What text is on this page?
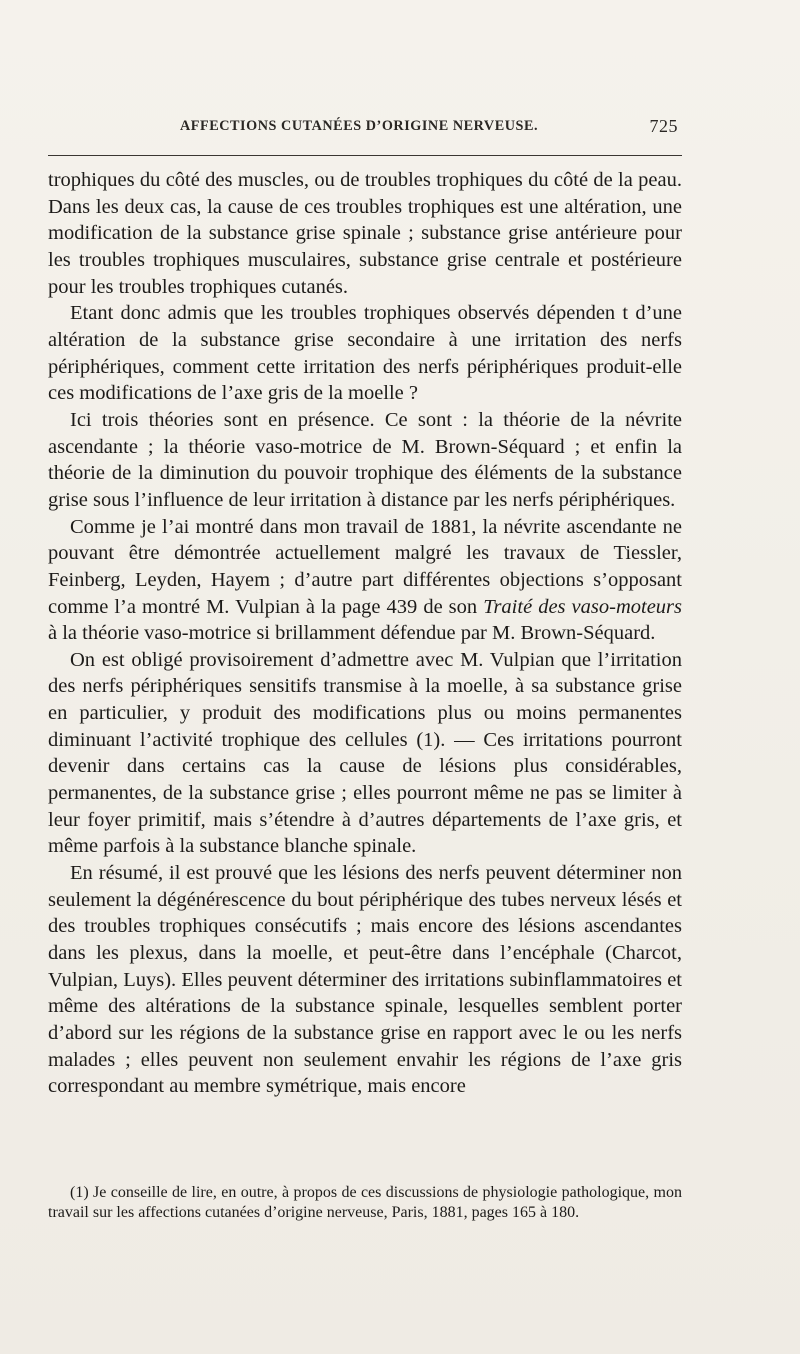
AFFECTIONS CUTANÉES D’ORIGINE NERVEUSE.	725

trophiques du côté des muscles, ou de troubles trophiques du côté de la peau. Dans les deux cas, la cause de ces troubles trophiques est une altération, une modification de la substance grise spinale ; substance grise antérieure pour les troubles trophiques musculaires, substance grise centrale et postérieure pour les troubles trophiques cutanés.

Etant donc admis que les troubles trophiques observés dépenden t d’une altération de la substance grise secondaire à une irritation des nerfs périphériques, comment cette irritation des nerfs périphériques produit-elle ces modifications de l’axe gris de la moelle ?

Ici trois théories sont en présence. Ce sont : la théorie de la névrite ascendante ; la théorie vaso-motrice de M. Brown-Séquard ; et enfin la théorie de la diminution du pouvoir trophique des éléments de la substance grise sous l’influence de leur irritation à distance par les nerfs périphériques.

Comme je l’ai montré dans mon travail de 1881, la névrite ascendante ne pouvant être démontrée actuellement malgré les travaux de Tiessler, Feinberg, Leyden, Hayem ; d’autre part différentes objections s’opposant comme l’a montré M. Vulpian à la page 439 de son Traité des vaso-moteurs à la théorie vaso-motrice si brillamment défendue par M. Brown-Séquard.

On est obligé provisoirement d’admettre avec M. Vulpian que l’irritation des nerfs périphériques sensitifs transmise à la moelle, à sa substance grise en particulier, y produit des modifications plus ou moins permanentes diminuant l’activité trophique des cellules (1). — Ces irritations pourront devenir dans certains cas la cause de lésions plus considérables, permanentes, de la substance grise ; elles pourront même ne pas se limiter à leur foyer primitif, mais s’étendre à d’autres départements de l’axe gris, et même parfois à la substance blanche spinale.

En résumé, il est prouvé que les lésions des nerfs peuvent déterminer non seulement la dégénérescence du bout périphérique des tubes nerveux lésés et des troubles trophiques consécutifs ; mais encore des lésions ascendantes dans les plexus, dans la moelle, et peut-être dans l’encéphale (Charcot, Vulpian, Luys). Elles peuvent déterminer des irritations subinflammatoires et même des altérations de la substance spinale, lesquelles semblent porter d’abord sur les régions de la substance grise en rapport avec le ou les nerfs malades ; elles peuvent non seulement envahir les régions de l’axe gris correspondant au membre symétrique, mais encore

(1) Je conseille de lire, en outre, à propos de ces discussions de physiologie pathologique, mon travail sur les affections cutanées d’origine nerveuse, Paris, 1881, pages 165 à 180.
